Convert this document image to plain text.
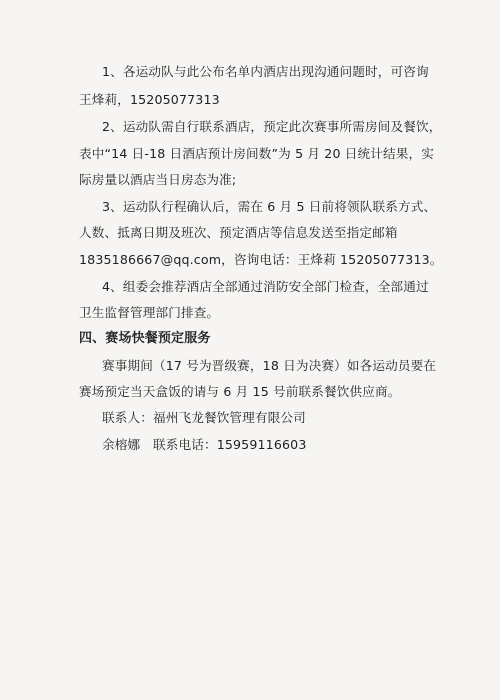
1、各运动队与此公布名单内酒店出现沟通问题时，可咨询
王烽莉，15205077313
2、运动队需自行联系酒店，预定此次赛事所需房间及餐饮，
表中“14 日-18 日酒店预计房间数”为 5 月 20 日统计结果，实
际房量以酒店当日房态为准;
3、运动队行程确认后，需在 6 月 5 日前将领队联系方式、
人数、抵离日期及班次、预定酒店等信息发送至指定邮箱
1835186667@qq.com，咨询电话：王烽莉 15205077313。
4、组委会推荐酒店全部通过消防安全部门检查，全部通过
卫生监督管理部门排查。
四、赛场快餐预定服务
赛事期间（17 号为晋级赛，18 日为决赛）如各运动员要在
赛场预定当天盒饭的请与 6 月 15 号前联系餐饮供应商。
联系人：福州飞龙餐饮管理有限公司
余榕娜　联系电话：15959116603
